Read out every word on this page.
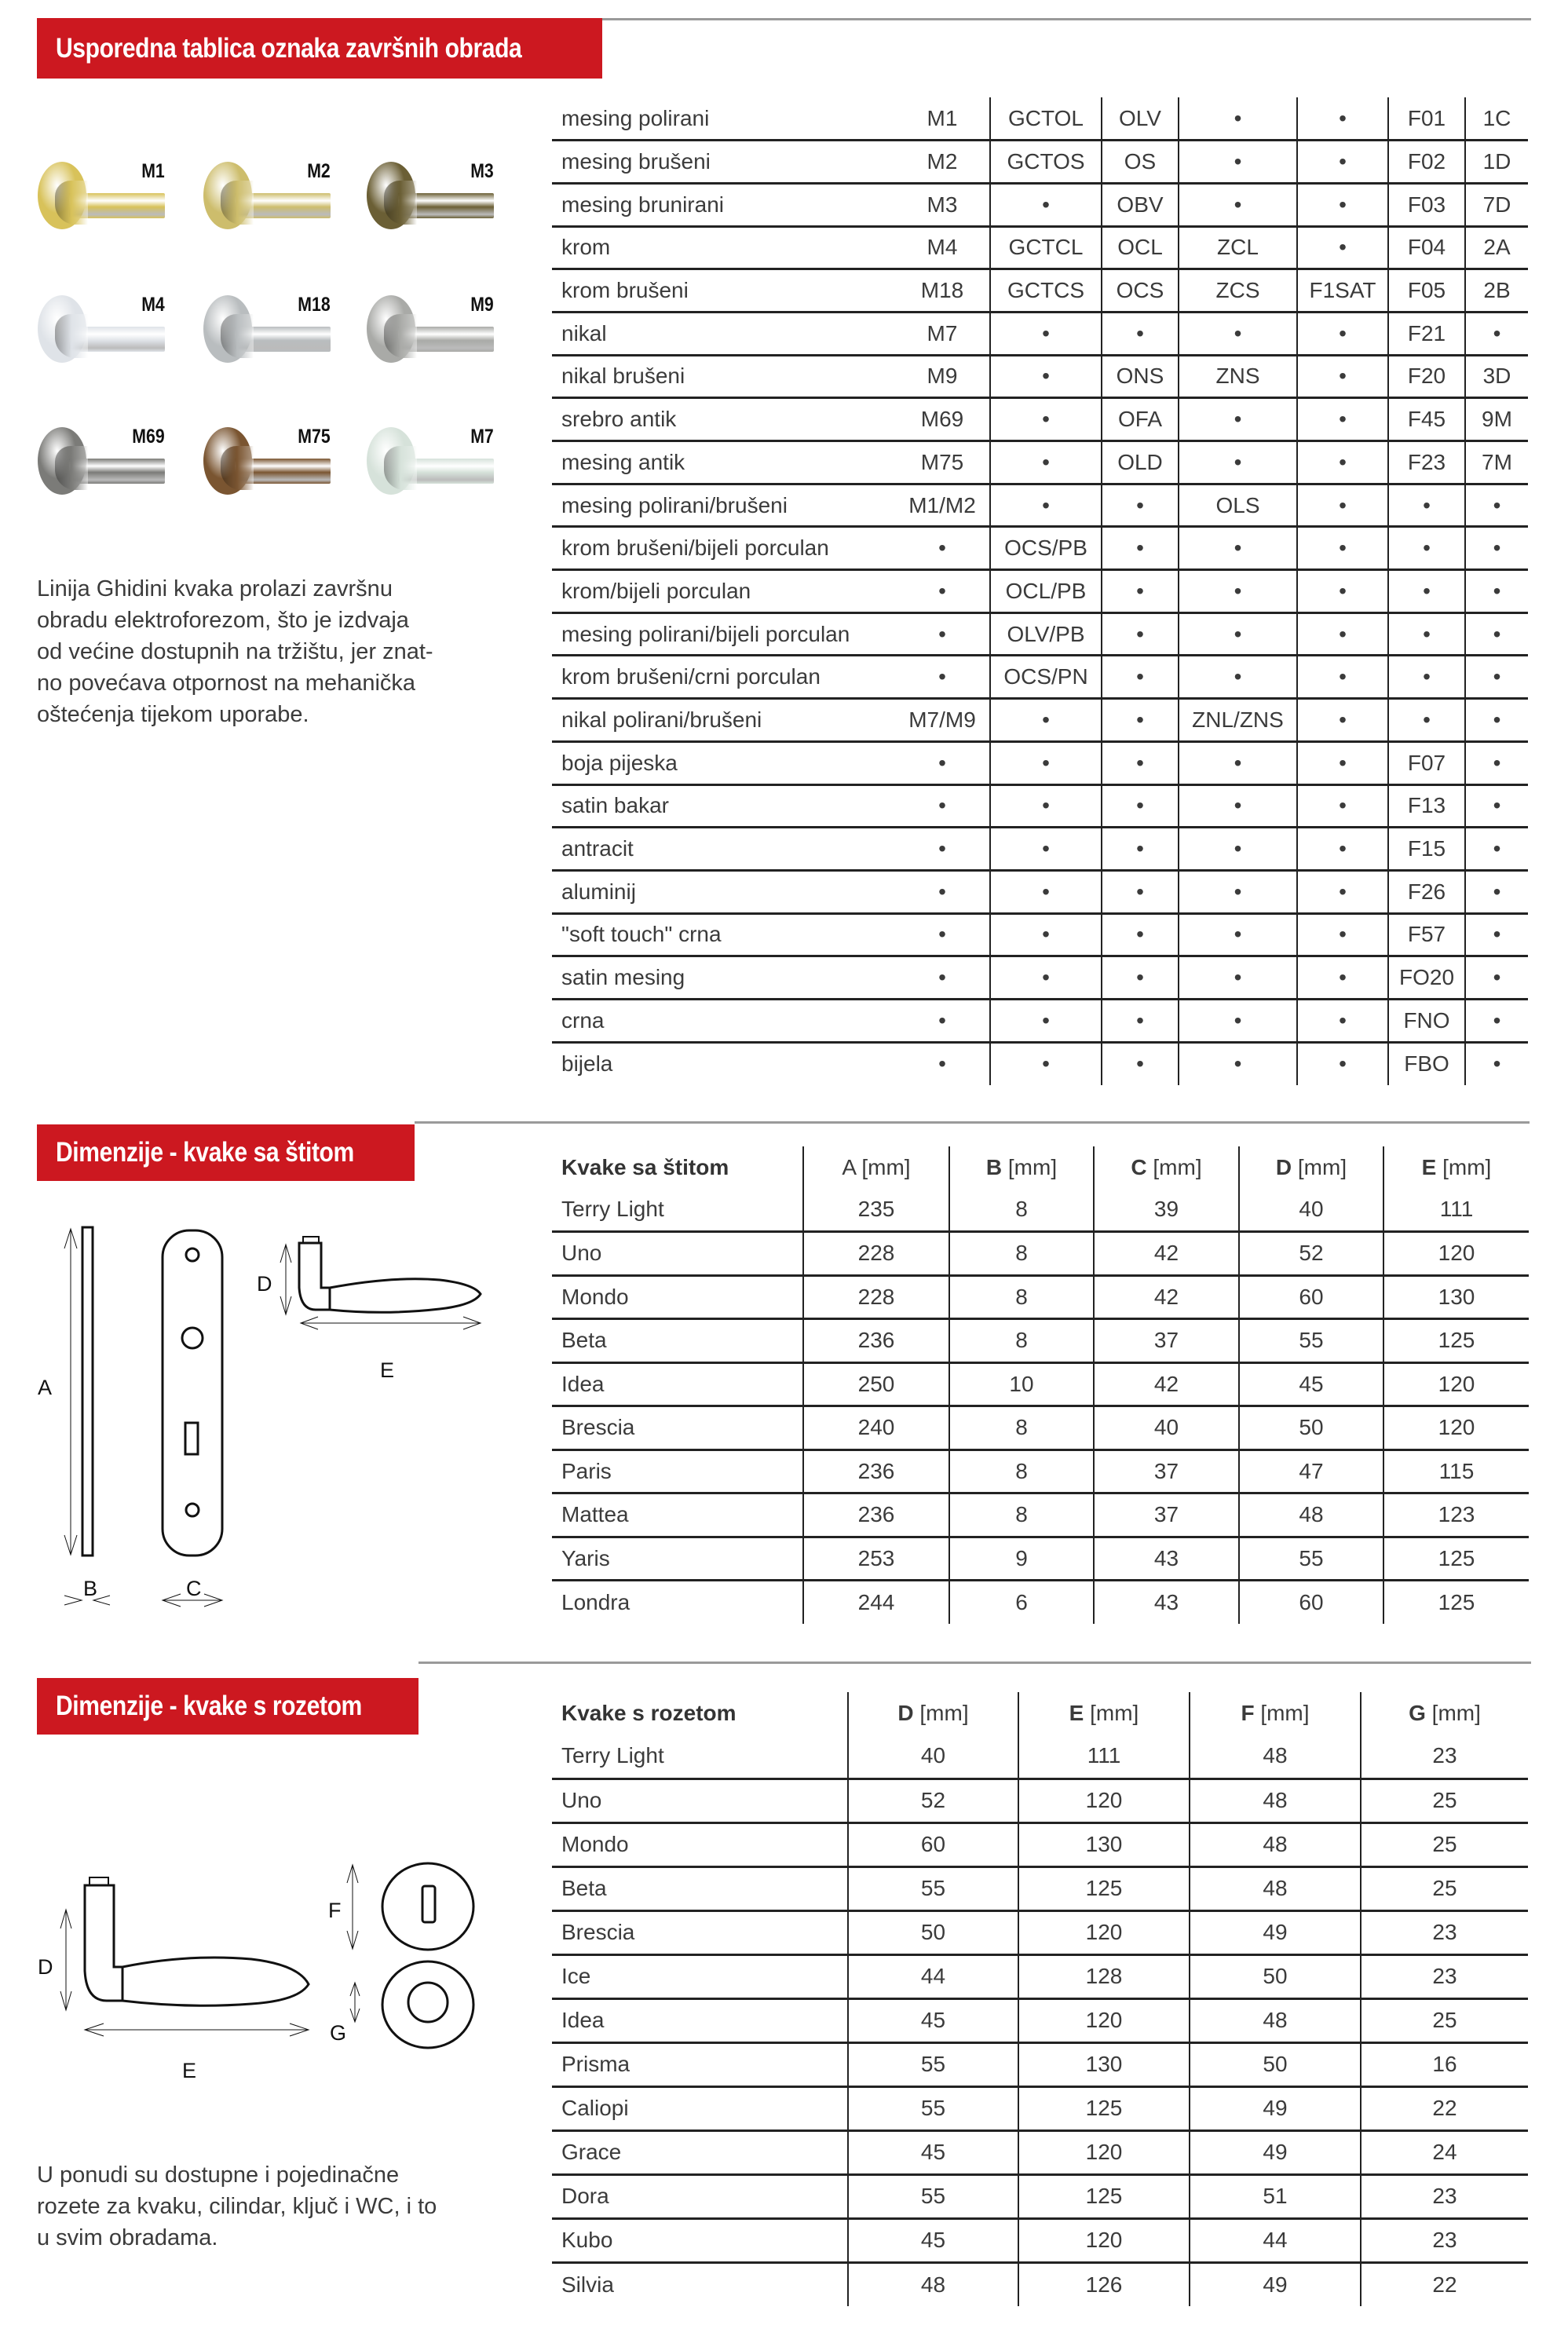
Usporedna tablica oznaka završnih obrada
M1	M2	M3
M4	M18	M9
M69	M75	M7
Linija Ghidini kvaka prolazi završnu
obradu elektroforezom, što je izdvaja
od većine dostupnih na tržištu, jer znat-
no povećava otpornost na mehanička
oštećenja tijekom uporabe.
mesing polirani	M1	GCTOL	OLV	•	•	F01	1C
mesing brušeni	M2	GCTOS	OS	•	•	F02	1D
mesing brunirani	M3	•	OBV	•	•	F03	7D
krom	M4	GCTCL	OCL	ZCL	•	F04	2A
krom brušeni	M18	GCTCS	OCS	ZCS	F1SAT	F05	2B
nikal	M7	•	•	•	•	F21	•
nikal brušeni	M9	•	ONS	ZNS	•	F20	3D
srebro antik	M69	•	OFA	•	•	F45	9M
mesing antik	M75	•	OLD	•	•	F23	7M
mesing polirani/brušeni	M1/M2	•	•	OLS	•	•	•
krom brušeni/bijeli porculan	•	OCS/PB	•	•	•	•	•
krom/bijeli porculan	•	OCL/PB	•	•	•	•	•
mesing polirani/bijeli porculan	•	OLV/PB	•	•	•	•	•
krom brušeni/crni porculan	•	OCS/PN	•	•	•	•	•
nikal polirani/brušeni	M7/M9	•	•	ZNL/ZNS	•	•	•
boja pijeska	•	•	•	•	•	F07	•
satin bakar	•	•	•	•	•	F13	•
antracit	•	•	•	•	•	F15	•
aluminij	•	•	•	•	•	F26	•
"soft touch" crna	•	•	•	•	•	F57	•
satin mesing	•	•	•	•	•	FO20	•
crna	•	•	•	•	•	FNO	•
bijela	•	•	•	•	•	FBO	•
Dimenzije - kvake sa štitom
A
B	C
D
E
Kvake sa štitom	A [mm]	B [mm]	C [mm]	D [mm]	E [mm]
Terry Light	235	8	39	40	111
Uno	228	8	42	52	120
Mondo	228	8	42	60	130
Beta	236	8	37	55	125
Idea	250	10	42	45	120
Brescia	240	8	40	50	120
Paris	236	8	37	47	115
Mattea	236	8	37	48	123
Yaris	253	9	43	55	125
Londra	244	6	43	60	125
Dimenzije - kvake s rozetom
D
E
F
G
U ponudi su dostupne i pojedinačne
rozete za kvaku, cilindar, ključ i WC, i to
u svim obradama.
Kvake s rozetom	D [mm]	E [mm]	F [mm]	G [mm]
Terry Light	40	111	48	23
Uno	52	120	48	25
Mondo	60	130	48	25
Beta	55	125	48	25
Brescia	50	120	49	23
Ice	44	128	50	23
Idea	45	120	48	25
Prisma	55	130	50	16
Caliopi	55	125	49	22
Grace	45	120	49	24
Dora	55	125	51	23
Kubo	45	120	44	23
Silvia	48	126	49	22
